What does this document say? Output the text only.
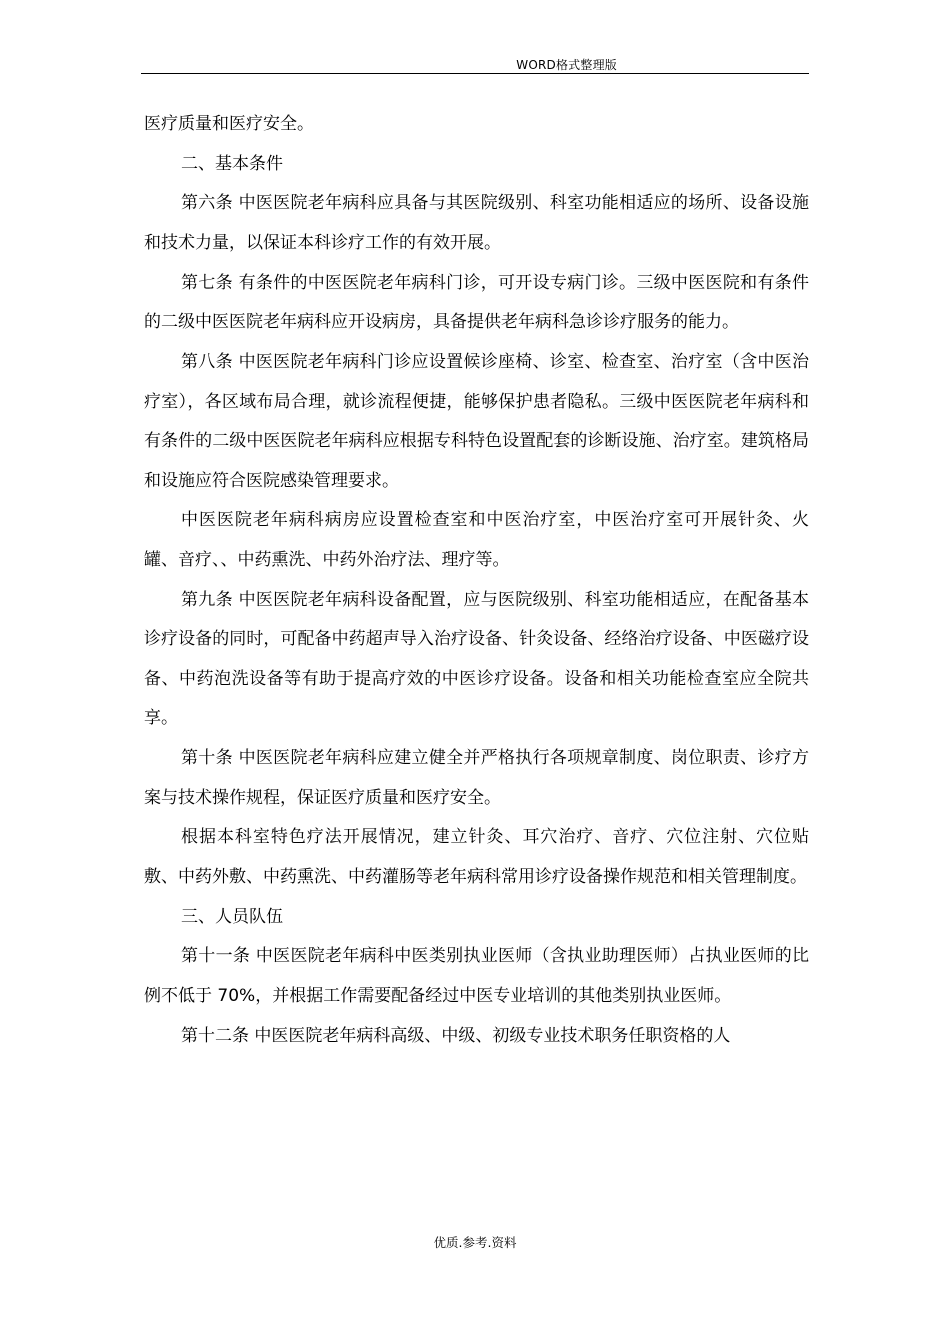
WORD格式整理版

医疗质量和医疗安全。

二、基本条件

第六条 中医医院老年病科应具备与其医院级别、科室功能相适应的场所、设备设施和技术力量，以保证本科诊疗工作的有效开展。

第七条 有条件的中医医院老年病科门诊，可开设专病门诊。三级中医医院和有条件的二级中医医院老年病科应开设病房，具备提供老年病科急诊诊疗服务的能力。

第八条 中医医院老年病科门诊应设置候诊座椅、诊室、检查室、治疗室（含中医治疗室），各区域布局合理，就诊流程便捷，能够保护患者隐私。三级中医医院老年病科和有条件的二级中医医院老年病科应根据专科特色设置配套的诊断设施、治疗室。建筑格局和设施应符合医院感染管理要求。

中医医院老年病科病房应设置检查室和中医治疗室，中医治疗室可开展针灸、火罐、音疗、、中药熏洗、中药外治疗法、理疗等。

第九条 中医医院老年病科设备配置，应与医院级别、科室功能相适应，在配备基本诊疗设备的同时，可配备中药超声导入治疗设备、针灸设备、经络治疗设备、中医磁疗设备、中药泡洗设备等有助于提高疗效的中医诊疗设备。设备和相关功能检查室应全院共享。

第十条 中医医院老年病科应建立健全并严格执行各项规章制度、岗位职责、诊疗方案与技术操作规程，保证医疗质量和医疗安全。

根据本科室特色疗法开展情况，建立针灸、耳穴治疗、音疗、穴位注射、穴位贴敷、中药外敷、中药熏洗、中药灌肠等老年病科常用诊疗设备操作规范和相关管理制度。

三、人员队伍

第十一条 中医医院老年病科中医类别执业医师（含执业助理医师）占执业医师的比例不低于 70%，并根据工作需要配备经过中医专业培训的其他类别执业医师。

第十二条 中医医院老年病科高级、中级、初级专业技术职务任职资格的人

优质.参考.资料
